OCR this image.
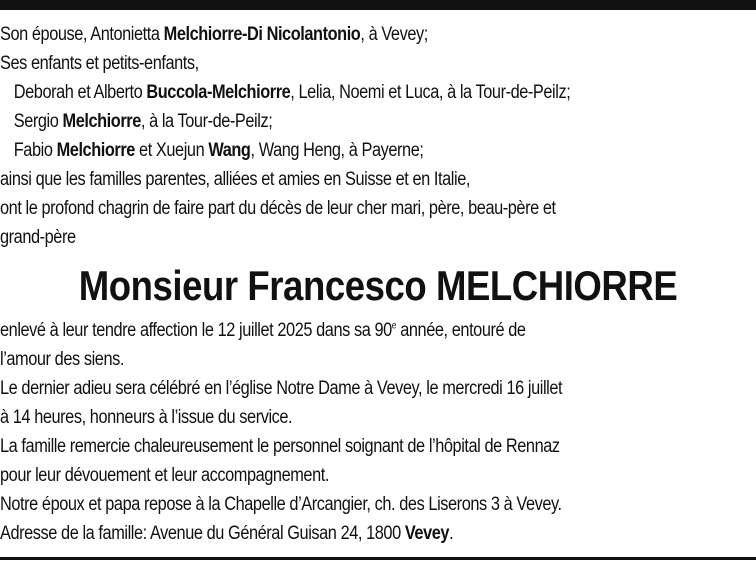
Son épouse, Antonietta Melchiorre-Di Nicolantonio, à Vevey;
Ses enfants et petits-enfants,
Deborah et Alberto Buccola-Melchiorre, Lelia, Noemi et Luca, à la Tour-de-Peilz;
Sergio Melchiorre, à la Tour-de-Peilz;
Fabio Melchiorre et Xuejun Wang, Wang Heng, à Payerne;
ainsi que les familles parentes, alliées et amies en Suisse et en Italie,
ont le profond chagrin de faire part du décès de leur cher mari, père, beau-père et
grand-père
Monsieur Francesco MELCHIORRE
enlevé à leur tendre affection le 12 juillet 2025 dans sa 90e année, entouré de
l’amour des siens.
Le dernier adieu sera célébré en l’église Notre Dame à Vevey, le mercredi 16 juillet
à 14 heures, honneurs à l’issue du service.
La famille remercie chaleureusement le personnel soignant de l’hôpital de Rennaz
pour leur dévouement et leur accompagnement.
Notre époux et papa repose à la Chapelle d’Arcangier, ch. des Liserons 3 à Vevey.
Adresse de la famille: Avenue du Général Guisan 24, 1800 Vevey.
